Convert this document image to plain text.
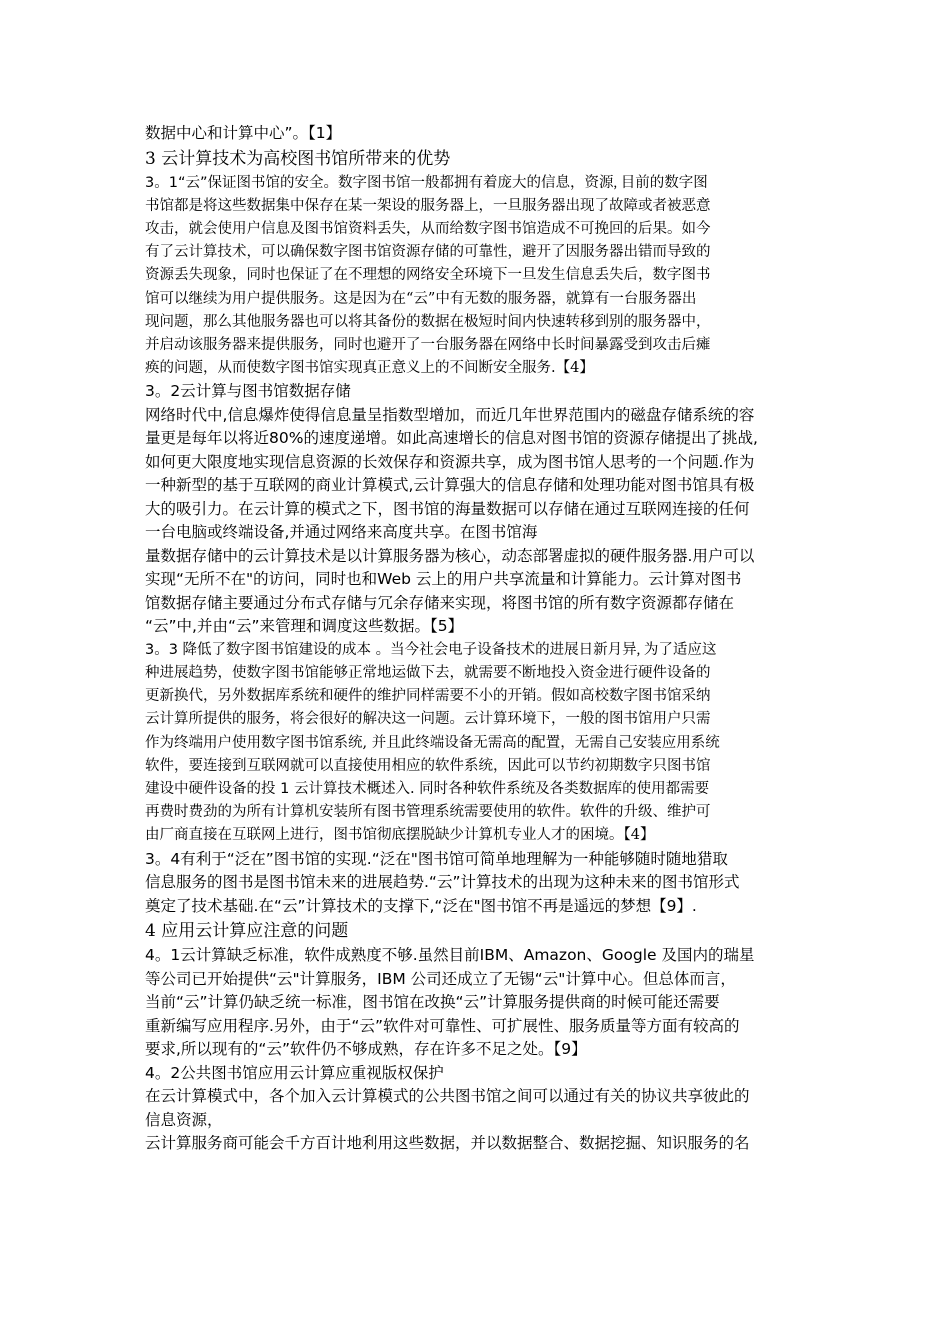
数据中心和计算中心”。【1】
3 云计算技术为高校图书馆所带来的优势
3。1“云”保证图书馆的安全。数字图书馆一般都拥有着庞大的信息，资源, 目前的数字图
书馆都是将这些数据集中保存在某一架设的服务器上，一旦服务器出现了故障或者被恶意
攻击，就会使用户信息及图书馆资料丢失，从而给数字图书馆造成不可挽回的后果。如今
有了云计算技术，可以确保数字图书馆资源存储的可靠性，避开了因服务器出错而导致的
资源丢失现象，同时也保证了在不理想的网络安全环境下一旦发生信息丢失后，数字图书
馆可以继续为用户提供服务。这是因为在“云”中有无数的服务器，就算有一台服务器出
现问题，那么其他服务器也可以将其备份的数据在极短时间内快速转移到别的服务器中，
并启动该服务器来提供服务，同时也避开了一台服务器在网络中长时间暴露受到攻击后瘫
痪的问题，从而使数字图书馆实现真正意义上的不间断安全服务.【4】
3。2云计算与图书馆数据存储
网络时代中,信息爆炸使得信息量呈指数型增加，而近几年世界范围内的磁盘存储系统的容
量更是每年以将近80%的速度递增。如此高速增长的信息对图书馆的资源存储提出了挑战,
如何更大限度地实现信息资源的长效保存和资源共享，成为图书馆人思考的一个问题.作为
一种新型的基于互联网的商业计算模式,云计算强大的信息存储和处理功能对图书馆具有极
大的吸引力。在云计算的模式之下，图书馆的海量数据可以存储在通过互联网连接的任何
一台电脑或终端设备,并通过网络来高度共享。在图书馆海
量数据存储中的云计算技术是以计算服务器为核心，动态部署虚拟的硬件服务器.用户可以
实现“无所不在"的访问，同时也和Web 云上的用户共享流量和计算能力。云计算对图书
馆数据存储主要通过分布式存储与冗余存储来实现，将图书馆的所有数字资源都存储在
“云”中,并由“云”来管理和调度这些数据。【5】
3。3 降低了数字图书馆建设的成本 。当今社会电子设备技术的进展日新月异, 为了适应这
种进展趋势，使数字图书馆能够正常地运做下去，就需要不断地投入资金进行硬件设备的
更新换代，另外数据库系统和硬件的维护同样需要不小的开销。假如高校数字图书馆采纳
云计算所提供的服务，将会很好的解决这一问题。云计算环境下，一般的图书馆用户只需
作为终端用户使用数字图书馆系统, 并且此终端设备无需高的配置，无需自己安装应用系统
软件，要连接到互联网就可以直接使用相应的软件系统，因此可以节约初期数字只图书馆
建设中硬件设备的投 1 云计算技术概述入. 同时各种软件系统及各类数据库的使用都需要
再费时费劲的为所有计算机安装所有图书管理系统需要使用的软件。软件的升级、维护可
由厂商直接在互联网上进行，图书馆彻底摆脱缺少计算机专业人才的困境。【4】
3。4有利于“泛在”图书馆的实现.“泛在"图书馆可简单地理解为一种能够随时随地猎取
信息服务的图书是图书馆未来的进展趋势.“云”计算技术的出现为这种未来的图书馆形式
奠定了技术基础.在“云”计算技术的支撑下,“泛在"图书馆不再是遥远的梦想【9】.
4 应用云计算应注意的问题
4。1云计算缺乏标准，软件成熟度不够.虽然目前IBM、Amazon、Google 及国内的瑞星
等公司已开始提供“云"计算服务，IBM 公司还成立了无锡“云"计算中心。但总体而言，
当前“云”计算仍缺乏统一标准，图书馆在改换“云”计算服务提供商的时候可能还需要
重新编写应用程序.另外，由于“云”软件对可靠性、可扩展性、服务质量等方面有较高的
要求,所以现有的“云”软件仍不够成熟，存在许多不足之处。【9】
4。2公共图书馆应用云计算应重视版权保护
在云计算模式中，各个加入云计算模式的公共图书馆之间可以通过有关的协议共享彼此的
信息资源，
云计算服务商可能会千方百计地利用这些数据，并以数据整合、数据挖掘、知识服务的名
